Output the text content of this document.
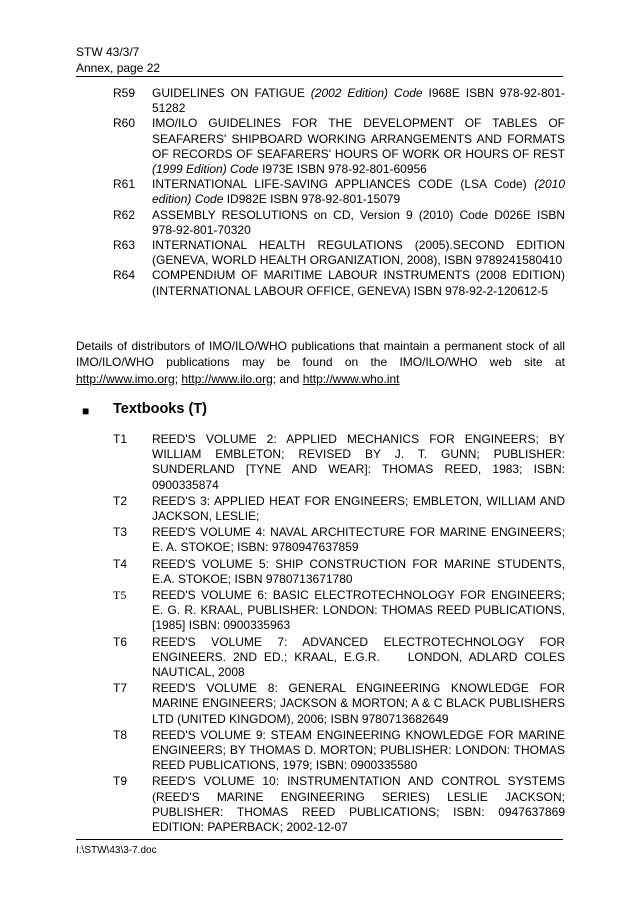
STW 43/3/7
Annex, page 22
R59	GUIDELINES ON FATIGUE (2002 Edition) Code I968E ISBN 978-92-801-51282
R60	IMO/ILO GUIDELINES FOR THE DEVELOPMENT OF TABLES OF SEAFARERS' SHIPBOARD WORKING ARRANGEMENTS AND FORMATS OF RECORDS OF SEAFARERS' HOURS OF WORK OR HOURS OF REST (1999 Edition) Code I973E ISBN 978-92-801-60956
R61	INTERNATIONAL LIFE-SAVING APPLIANCES CODE (LSA Code) (2010 edition) Code ID982E ISBN 978-92-801-15079
R62	ASSEMBLY RESOLUTIONS on CD, Version 9 (2010) Code D026E ISBN 978-92-801-70320
R63	INTERNATIONAL HEALTH REGULATIONS (2005).SECOND EDITION (GENEVA, WORLD HEALTH ORGANIZATION, 2008), ISBN 9789241580410
R64	COMPENDIUM OF MARITIME LABOUR INSTRUMENTS (2008 EDITION) (INTERNATIONAL LABOUR OFFICE, GENEVA) ISBN 978-92-2-120612-5
Details of distributors of IMO/ILO/WHO publications that maintain a permanent stock of all IMO/ILO/WHO publications may be found on the IMO/ILO/WHO web site at http://www.imo.org; http://www.ilo.org; and http://www.who.int
■ Textbooks (T)
T1	REED'S VOLUME 2: APPLIED MECHANICS FOR ENGINEERS; BY WILLIAM EMBLETON; REVISED BY J. T. GUNN; PUBLISHER: SUNDERLAND [TYNE AND WEAR]: THOMAS REED, 1983; ISBN: 0900335874
T2	REED'S 3: APPLIED HEAT FOR ENGINEERS; EMBLETON, WILLIAM AND JACKSON, LESLIE;
T3	REED'S VOLUME 4: NAVAL ARCHITECTURE FOR MARINE ENGINEERS; E. A. STOKOE; ISBN: 9780947637859
T4	REED'S VOLUME 5: SHIP CONSTRUCTION FOR MARINE STUDENTS, E.A. STOKOE; ISBN 9780713671780
T5	REED'S VOLUME 6: BASIC ELECTROTECHNOLOGY FOR ENGINEERS; E. G. R. KRAAL, PUBLISHER: LONDON: THOMAS REED PUBLICATIONS, [1985] ISBN: 0900335963
T6	REED'S VOLUME 7: ADVANCED ELECTROTECHNOLOGY FOR ENGINEERS. 2ND ED.; KRAAL, E.G.R.    LONDON, ADLARD COLES NAUTICAL, 2008
T7	REED'S VOLUME 8: GENERAL ENGINEERING KNOWLEDGE FOR MARINE ENGINEERS; JACKSON & MORTON; A & C BLACK PUBLISHERS LTD (UNITED KINGDOM), 2006; ISBN 9780713682649
T8	REED'S VOLUME 9: STEAM ENGINEERING KNOWLEDGE FOR MARINE ENGINEERS; BY THOMAS D. MORTON; PUBLISHER: LONDON: THOMAS REED PUBLICATIONS, 1979; ISBN: 0900335580
T9	REED'S VOLUME 10: INSTRUMENTATION AND CONTROL SYSTEMS (REED'S MARINE ENGINEERING SERIES) LESLIE JACKSON; PUBLISHER: THOMAS REED PUBLICATIONS; ISBN: 0947637869   EDITION: PAPERBACK; 2002-12-07
I:\STW\43\3-7.doc
